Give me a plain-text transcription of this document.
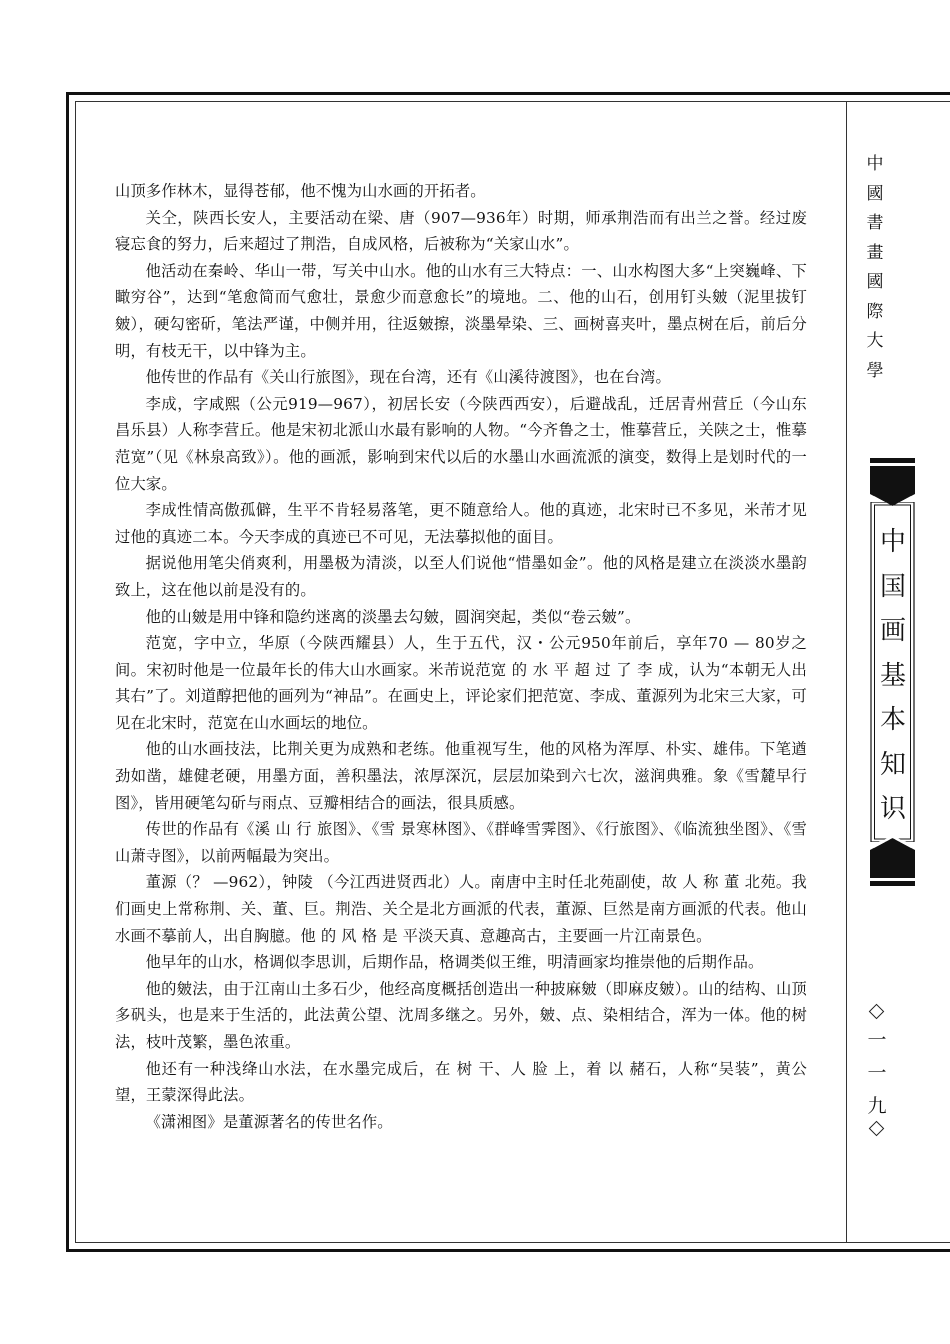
山顶多作林木，显得苍郁，他不愧为山水画的开拓者。

关仝，陕西长安人，主要活动在梁、唐（907—936年）时期，师承荆浩而有出兰之誉。经过废寝忘食的努力，后来超过了荆浩，自成风格，后被称为“关家山水”。

他活动在秦岭、华山一带，写关中山水。他的山水有三大特点：一、山水构图大多“上突巍峰、下瞰穷谷”，达到“笔愈简而气愈壮，景愈少而意愈长”的境地。二、他的山石，创用钉头皴（泥里拔钉皴），硬勾密斫，笔法严谨，中侧并用，往返皴擦，淡墨晕染、三、画树喜夹叶，墨点树在后，前后分明，有枝无干，以中锋为主。

他传世的作品有《关山行旅图》，现在台湾，还有《山溪待渡图》，也在台湾。

李成，字咸熙（公元919—967），初居长安（今陕西西安），后避战乱，迁居青州营丘（今山东昌乐县）人称李营丘。他是宋初北派山水最有影响的人物。“今齐鲁之士，惟摹营丘，关陕之士，惟摹范宽”（见《林泉高致》）。他的画派，影响到宋代以后的水墨山水画流派的演变，数得上是划时代的一位大家。

李成性情高傲孤僻，生平不肯轻易落笔，更不随意给人。他的真迹，北宋时已不多见，米芾才见过他的真迹二本。今天李成的真迹已不可见，无法摹拟他的面目。

据说他用笔尖俏爽利，用墨极为清淡，以至人们说他“惜墨如金”。他的风格是建立在淡淡水墨韵致上，这在他以前是没有的。

他的山皴是用中锋和隐约迷离的淡墨去勾皴，圆润突起，类似“卷云皴”。

范宽，字中立，华原（今陕西耀县）人，生于五代，汉・公元950年前后，享年70 — 80岁之间。宋初时他是一位最年长的伟大山水画家。米芾说范宽 的 水 平 超 过 了 李 成，认为“本朝无人出其右”了。刘道醇把他的画列为“神品”。在画史上，评论家们把范宽、李成、董源列为北宋三大家，可见在北宋时，范宽在山水画坛的地位。

他的山水画技法，比荆关更为成熟和老练。他重视写生，他的风格为浑厚、朴实、雄伟。下笔遒劲如凿，雄健老硬，用墨方面，善积墨法，浓厚深沉，层层加染到六七次，滋润典雅。象《雪麓早行图》，皆用硬笔勾斫与雨点、豆瓣相结合的画法，很具质感。

传世的作品有《溪 山 行 旅图》、《雪 景寒林图》、《群峰雪霁图》、《行旅图》、《临流独坐图》、《雪山萧寺图》，以前两幅最为突出。

董源（？ —962），钟陵 （今江西进贤西北）人。南唐中主时任北苑副使，故 人 称 董 北苑。我们画史上常称荆、关、董、巨。荆浩、关仝是北方画派的代表，董源、巨然是南方画派的代表。他山水画不摹前人，出自胸臆。他 的 风 格 是 平淡天真、意趣高古，主要画一片江南景色。

他早年的山水，格调似李思训，后期作品，格调类似王维，明清画家均推崇他的后期作品。

他的皴法，由于江南山土多石少，他经高度概括创造出一种披麻皴（即麻皮皴）。山的结构、山顶多矾头，也是来于生活的，此法黄公望、沈周多继之。另外，皴、点、染相结合，浑为一体。他的树法，枝叶茂繁，墨色浓重。

他还有一种浅绛山水法，在水墨完成后，在 树 干、人 脸 上，着 以 赭石，人称“吴装”，黄公望，王蒙深得此法。

《潇湘图》是董源著名的传世名作。

中
國
書
畫
國
際
大
學
中
国
画
基
本
知
识
一
一
九
